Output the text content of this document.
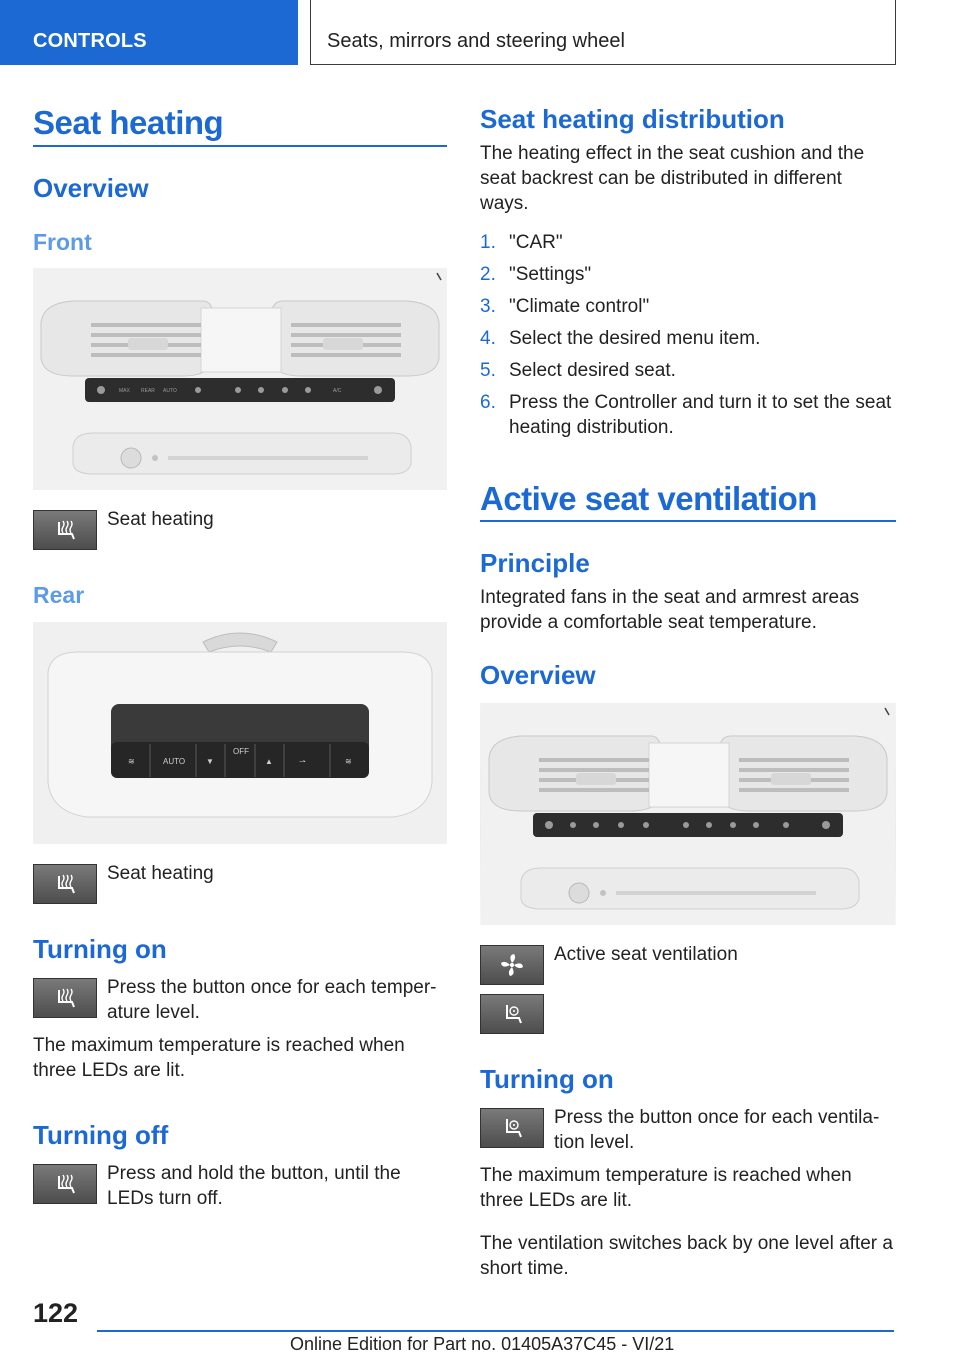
CONTROLS	Seats, mirrors and steering wheel
Seat heating
Overview
Front
MAX REAR AUTO	A/C
Seat heating
Rear
AUTO
OFF
▼	▲
≋	≋
⇀
Seat heating
Turning on
Press the button once for each temper‐ature level.
The maximum temperature is reached when three LEDs are lit.
Turning off
Press and hold the button, until the LEDs turn off.
Seat heating distribution
The heating effect in the seat cushion and the seat backrest can be distributed in different ways.
1. "CAR"
2. "Settings"
3. "Climate control"
4. Select the desired menu item.
5. Select desired seat.
6. Press the Controller and turn it to set the seat heating distribution.
Active seat ventilation
Principle
Integrated fans in the seat and armrest areas provide a comfortable seat temperature.
Overview
Active seat ventilation
Turning on
Press the button once for each ventila‐tion level.
The maximum temperature is reached when three LEDs are lit.
The ventilation switches back by one level after a short time.
122
Online Edition for Part no. 01405A37C45 - VI/21
